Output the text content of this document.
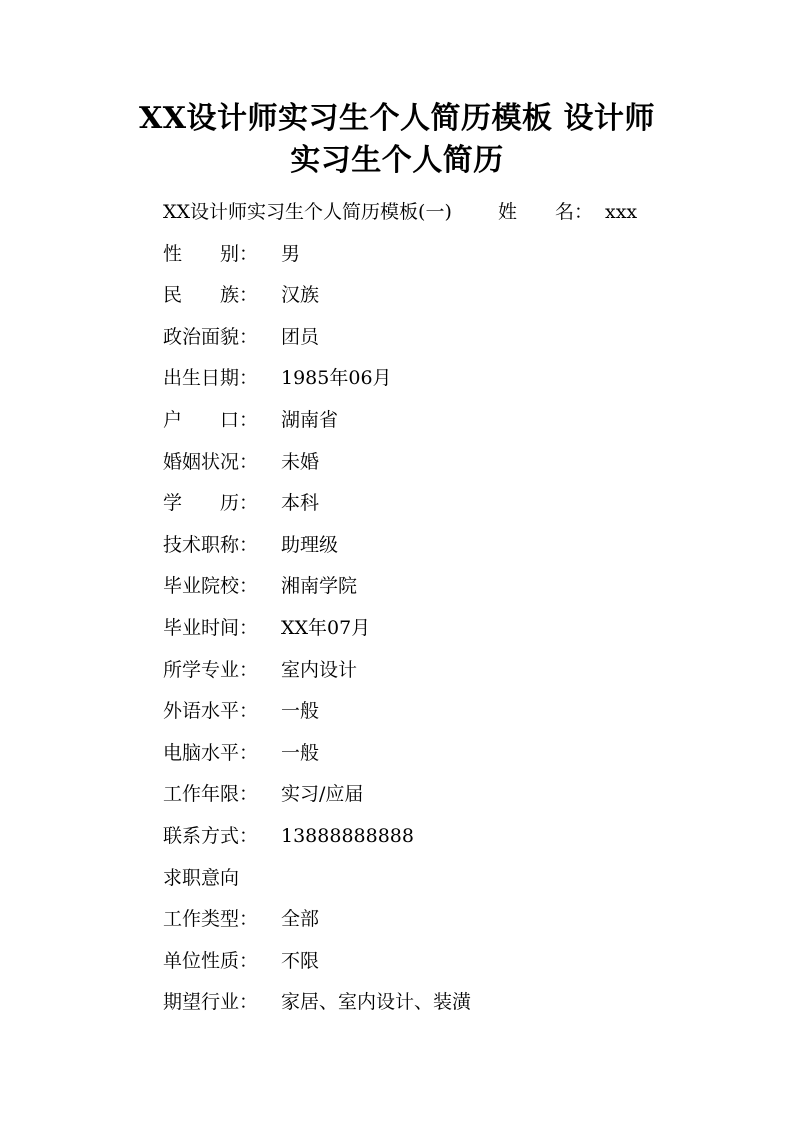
XX设计师实习生个人简历模板 设计师
实习生个人简历
XX设计师实习生个人简历模板(一) 姓　　名： xxx
性　　别： 男
民　　族： 汉族
政治面貌： 团员
出生日期： 1985年06月
户　　口： 湖南省
婚姻状况： 未婚
学　　历： 本科
技术职称： 助理级
毕业院校： 湘南学院
毕业时间： XX年07月
所学专业： 室内设计
外语水平： 一般
电脑水平： 一般
工作年限： 实习/应届
联系方式： 13888888888
求职意向
工作类型： 全部
单位性质： 不限
期望行业： 家居、室内设计、装潢
